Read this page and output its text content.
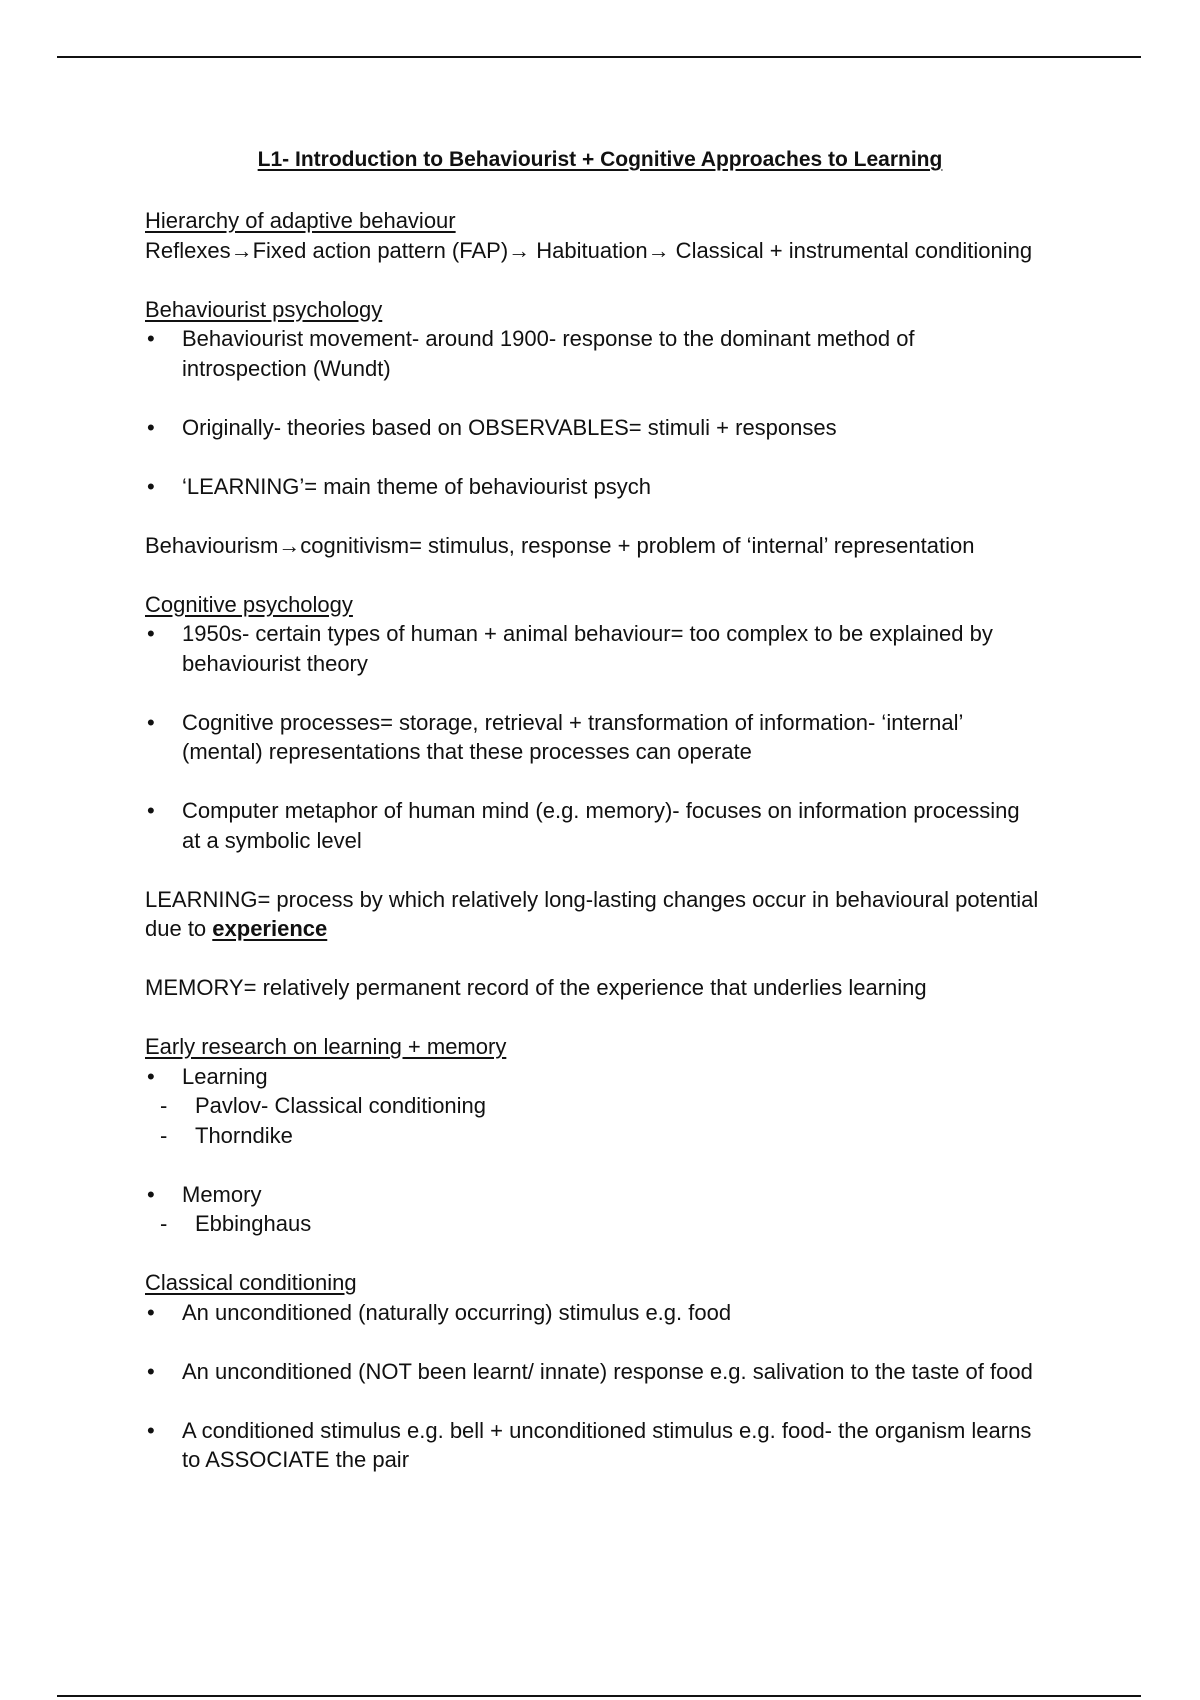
L1- Introduction to Behaviourist + Cognitive Approaches to Learning
Hierarchy of adaptive behaviour
Reflexes→Fixed action pattern (FAP)→ Habituation→ Classical + instrumental conditioning
Behaviourist psychology
• Behaviourist movement- around 1900- response to the dominant method of
introspection (Wundt)
• Originally- theories based on OBSERVABLES= stimuli + responses
• ‘LEARNING’= main theme of behaviourist psych
Behaviourism→cognitivism= stimulus, response + problem of ‘internal’ representation
Cognitive psychology
• 1950s- certain types of human + animal behaviour= too complex to be explained by
behaviourist theory
• Cognitive processes= storage, retrieval + transformation of information- ‘internal’
(mental) representations that these processes can operate
• Computer metaphor of human mind (e.g. memory)- focuses on information processing
at a symbolic level
LEARNING= process by which relatively long-lasting changes occur in behavioural potential
due to experience
MEMORY= relatively permanent record of the experience that underlies learning
Early research on learning + memory
• Learning
- Pavlov- Classical conditioning
- Thorndike
• Memory
- Ebbinghaus
Classical conditioning
• An unconditioned (naturally occurring) stimulus e.g. food
• An unconditioned (NOT been learnt/ innate) response e.g. salivation to the taste of food
• A conditioned stimulus e.g. bell + unconditioned stimulus e.g. food- the organism learns
to ASSOCIATE the pair
